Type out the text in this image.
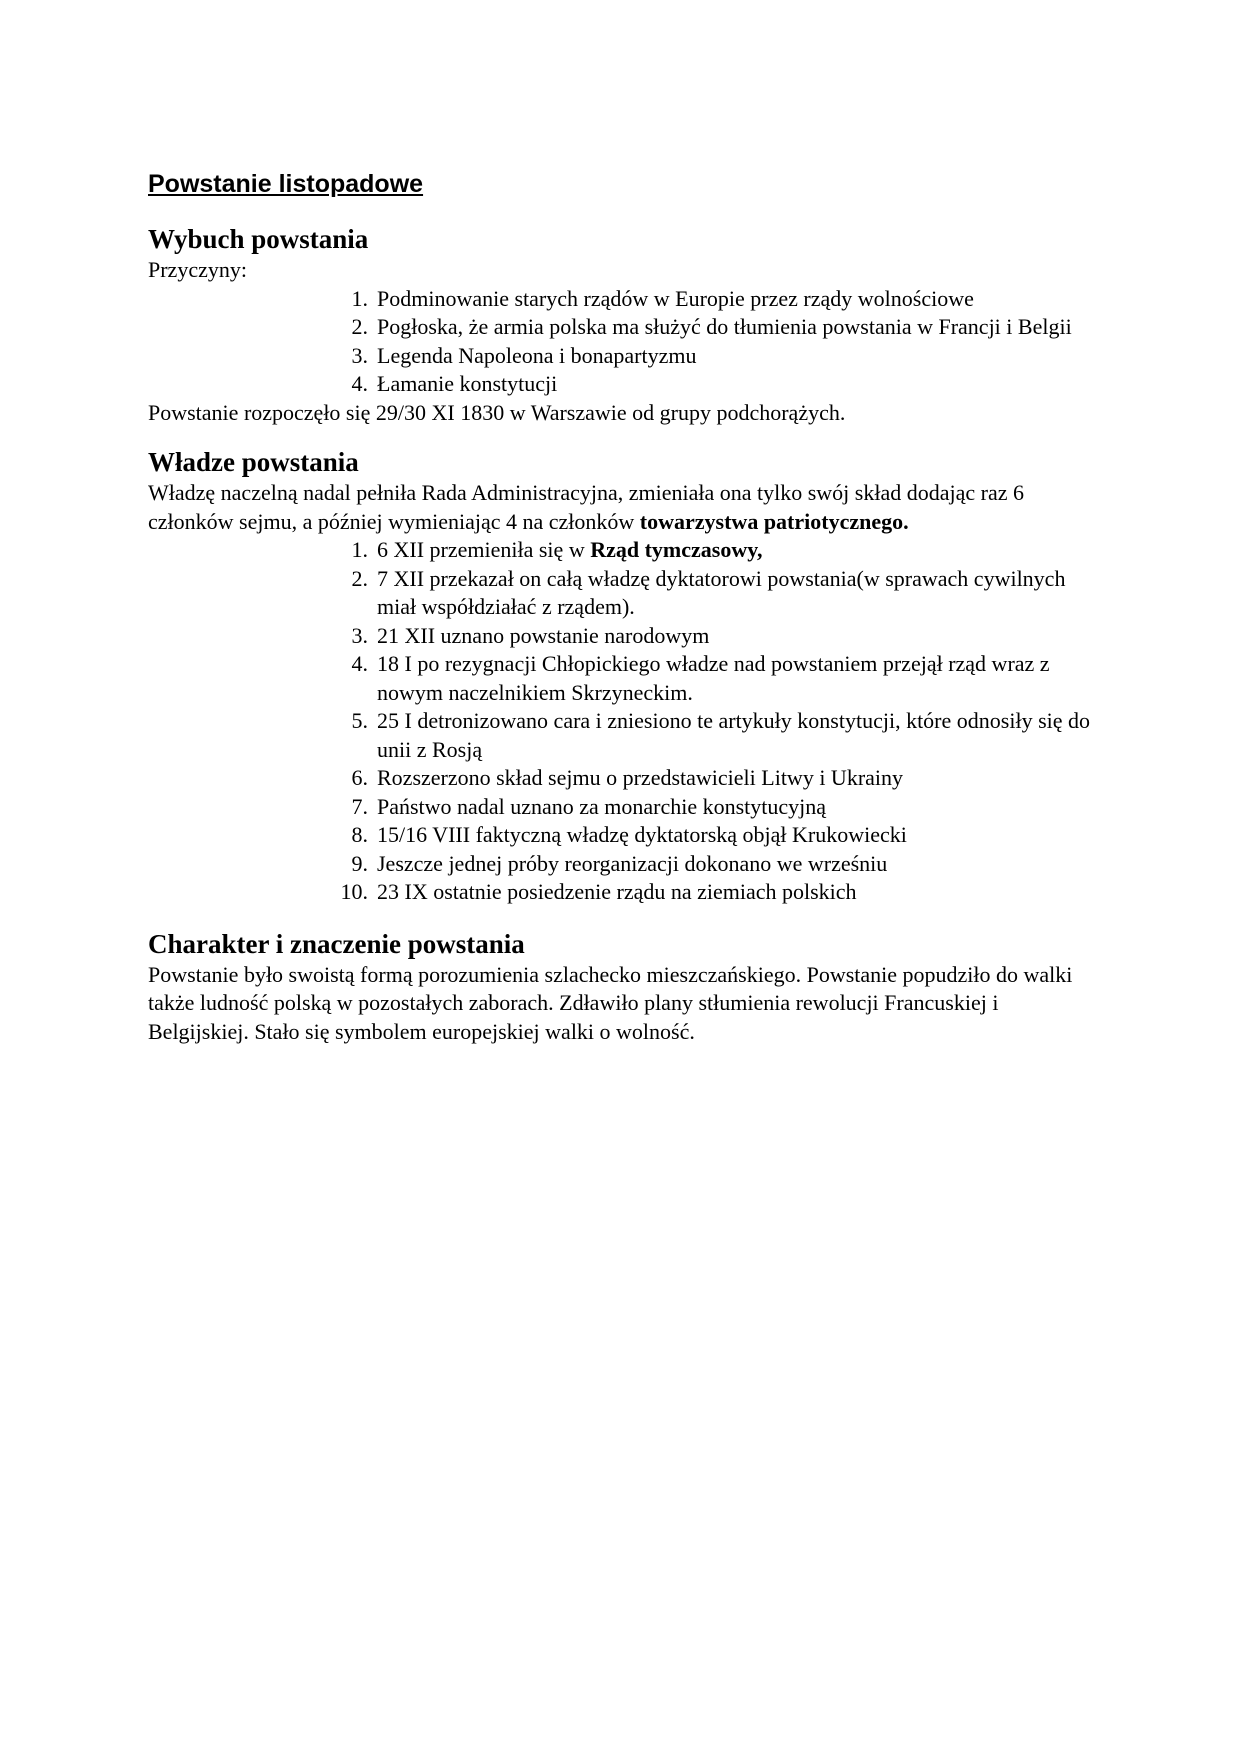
Powstanie listopadowe
Wybuch powstania

Przyczyny:

1. Podminowanie starych rządów w Europie przez rządy wolnościowe
2. Pogłoska, że armia polska ma służyć do tłumienia powstania w Francji i Belgii
3. Legenda Napoleona i bonapartyzmu
4. Łamanie konstytucji

Powstanie rozpoczęło się 29/30 XI 1830 w Warszawie od grupy podchorążych.

Władze powstania

Władzę naczelną nadal pełniła Rada Administracyjna, zmieniała ona tylko swój skład dodając raz 6 członków sejmu, a później wymieniając 4 na członków towarzystwa patriotycznego.

1. 6 XII przemieniła się w Rząd tymczasowy,
2. 7 XII przekazał on całą władzę dyktatorowi powstania(w sprawach cywilnych miał współdziałać z rządem).
3. 21 XII uznano powstanie narodowym
4. 18 I po rezygnacji Chłopickiego władze nad powstaniem przejął rząd wraz z nowym naczelnikiem Skrzyneckim.
5. 25 I detronizowano cara i zniesiono te artykuły konstytucji, które odnosiły się do unii z Rosją
6. Rozszerzono skład sejmu o przedstawicieli Litwy i Ukrainy
7. Państwo nadal uznano za monarchie konstytucyjną
8. 15/16 VIII faktyczną władzę dyktatorską objął Krukowiecki
9. Jeszcze jednej próby reorganizacji dokonano we wrześniu
10. 23 IX ostatnie posiedzenie rządu na ziemiach polskich
Charakter i znaczenie powstania

Powstanie było swoistą formą porozumienia szlachecko mieszczańskiego. Powstanie popudziło do walki także ludność polską w pozostałych zaborach. Zdławiło plany stłumienia rewolucji Francuskiej i Belgijskiej. Stało się symbolem europejskiej walki o wolność.
